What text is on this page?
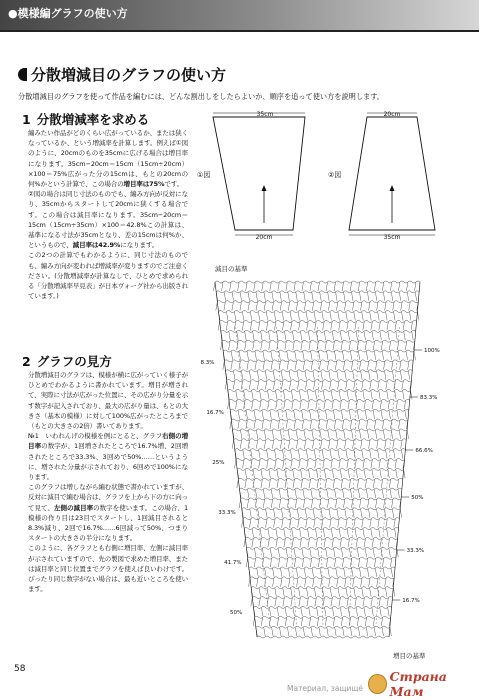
●模様編グラフの使い方
分散増減目のグラフの使い方
分散増減目のグラフを使って作品を編むには、どんな割出しをしたらよいか、順序を追って使い方を説明します。
1 分散増減率を求める

編みたい作品がどのくらい広がっているか、または狭くなっているか、という増減率を計算します。例えば①図のように、20cmのものを35cmに広げる場合は増目率になります。35cm−20cm＝15cm（15cm÷20cm）×100＝75%広がった分の15cmは、もとの20cmの何%かという計算で、この場合の増目率は75%です。

②図の場合は同じ寸法のものでも、編み方向が反対になり、35cmからスタートして20cmに狭くする場合です。この場合は減目率になります。35cm−20cm＝15cm（15cm÷35cm）×100＝42.8%この計算は、基準になる寸法が35cmとなり、差の15cmは何%か、というもので、減目率は42.9%になります。

この2つの計算でもわかるように、同じ寸法のものでも、編み方向が変われば増減率が変りますのでご注意ください。(分散増減率が計算なしで、ひとめで求められる「分散増減率早見表」が日本ヴォーグ社から出版されています。)

2 グラフの見方

分散増減目のグラフは、模様が横に広がっていく様子がひとめでわかるように書かれています。増目が増されて、実際に寸法が広がった位置に、その広がり分量を示す数字が記入されており、最大の広がり量は、もとの大きさ（基本の模様）に対して100%広がったところまで（もとの大きさの2倍）書いてあります。

№1　いわれんげの模様を例にとると、グラフ右側の増目率の数字が、1回増されたところで16.7%増、2回増されたところで33.3%、3回めで50%……というように、増された分量が示されており、6回めで100%になります。

このグラフは増しながら編む状態で書かれていますが、反対に減目で編む場合は、グラフを上から下の方に向って見て、左側の減目率の数字を使います。この場合、1模様の作り目は23目でスタートし、1回減目されると8.3%減り、2回で16.7%……6回減って50%、つまりスタートの大きさの半分になります。

このように、各グラフとも右側に増目率、左側に減目率が示されていますので、先の製図で求めた増目率、または減目率と同じ位置までグラフを使えば良いわけです。ぴったり同じ数字がない場合は、最も近いところを使います。

35cm
20cm
①図
20cm
35cm
②図
減目の基準
増目の基準
8.3%
16.7%
25%
33.3%
41.7%
50%
100%
83.3%
66.6%
50%
33.3%
16.7%
58
Материал, защищё
Страна Мам
